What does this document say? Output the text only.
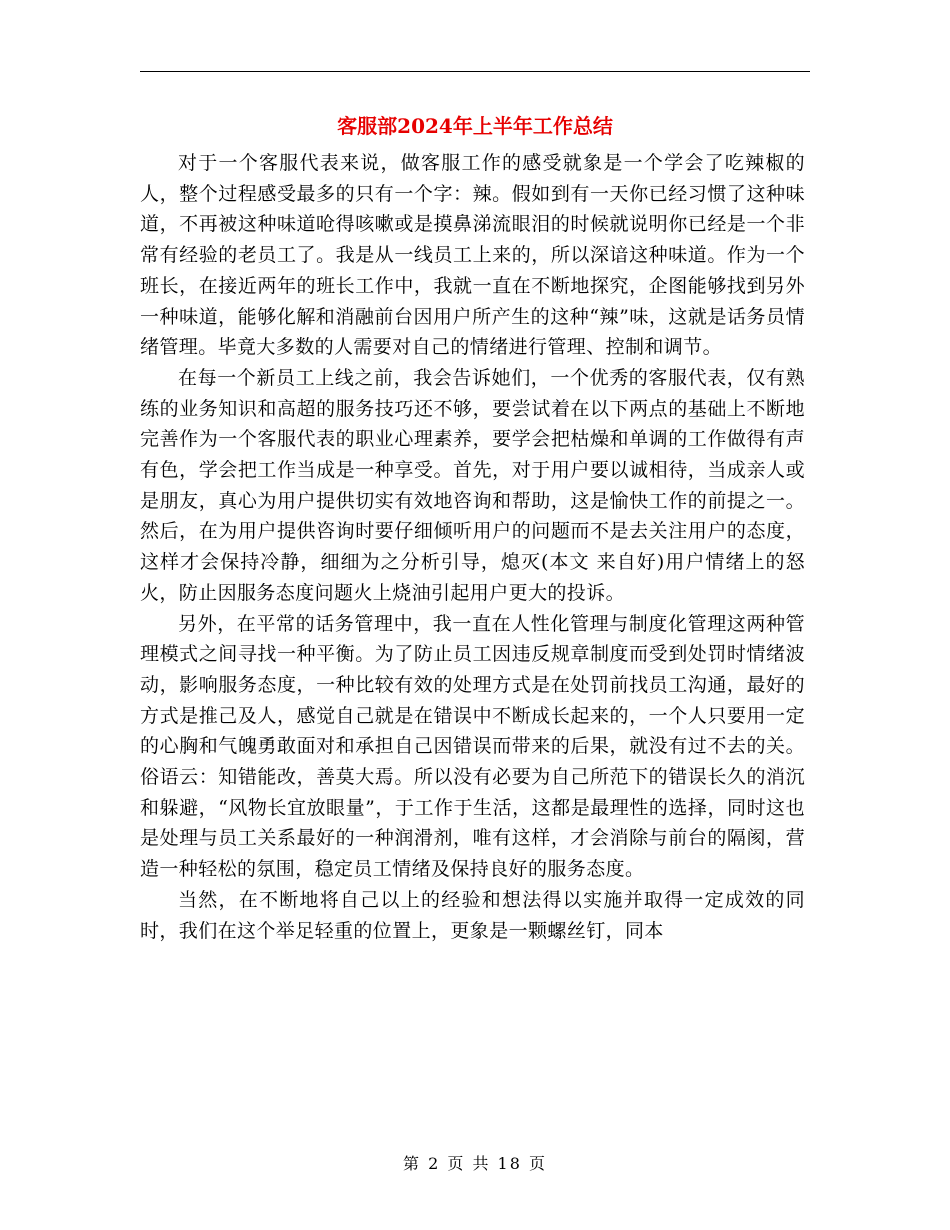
客服部2024年上半年工作总结

对于一个客服代表来说，做客服工作的感受就象是一个学会了吃辣椒的人，整个过程感受最多的只有一个字：辣。假如到有一天你已经习惯了这种味道，不再被这种味道呛得咳嗽或是摸鼻涕流眼泪的时候就说明你已经是一个非常有经验的老员工了。我是从一线员工上来的，所以深谙这种味道。作为一个班长，在接近两年的班长工作中，我就一直在不断地探究，企图能够找到另外一种味道，能够化解和消融前台因用户所产生的这种“辣”味，这就是话务员情绪管理。毕竟大多数的人需要对自己的情绪进行管理、控制和调节。

在每一个新员工上线之前，我会告诉她们，一个优秀的客服代表，仅有熟练的业务知识和高超的服务技巧还不够，要尝试着在以下两点的基础上不断地完善作为一个客服代表的职业心理素养，要学会把枯燥和单调的工作做得有声有色，学会把工作当成是一种享受。首先，对于用户要以诚相待，当成亲人或是朋友，真心为用户提供切实有效地咨询和帮助，这是愉快工作的前提之一。然后，在为用户提供咨询时要仔细倾听用户的问题而不是去关注用户的态度，这样才会保持冷静，细细为之分析引导，熄灭(本文 来自好)用户情绪上的怒火，防止因服务态度问题火上烧油引起用户更大的投诉。

另外，在平常的话务管理中，我一直在人性化管理与制度化管理这两种管理模式之间寻找一种平衡。为了防止员工因违反规章制度而受到处罚时情绪波动，影响服务态度，一种比较有效的处理方式是在处罚前找员工沟通，最好的方式是推己及人，感觉自己就是在错误中不断成长起来的，一个人只要用一定的心胸和气魄勇敢面对和承担自己因错误而带来的后果，就没有过不去的关。俗语云：知错能改，善莫大焉。所以没有必要为自己所范下的错误长久的消沉和躲避，“风物长宜放眼量”，于工作于生活，这都是最理性的选择，同时这也是处理与员工关系最好的一种润滑剂，唯有这样，才会消除与前台的隔阂，营造一种轻松的氛围，稳定员工情绪及保持良好的服务态度。

当然，在不断地将自己以上的经验和想法得以实施并取得一定成效的同时，我们在这个举足轻重的位置上，更象是一颗螺丝钉，同本

第 2 页 共 18 页
